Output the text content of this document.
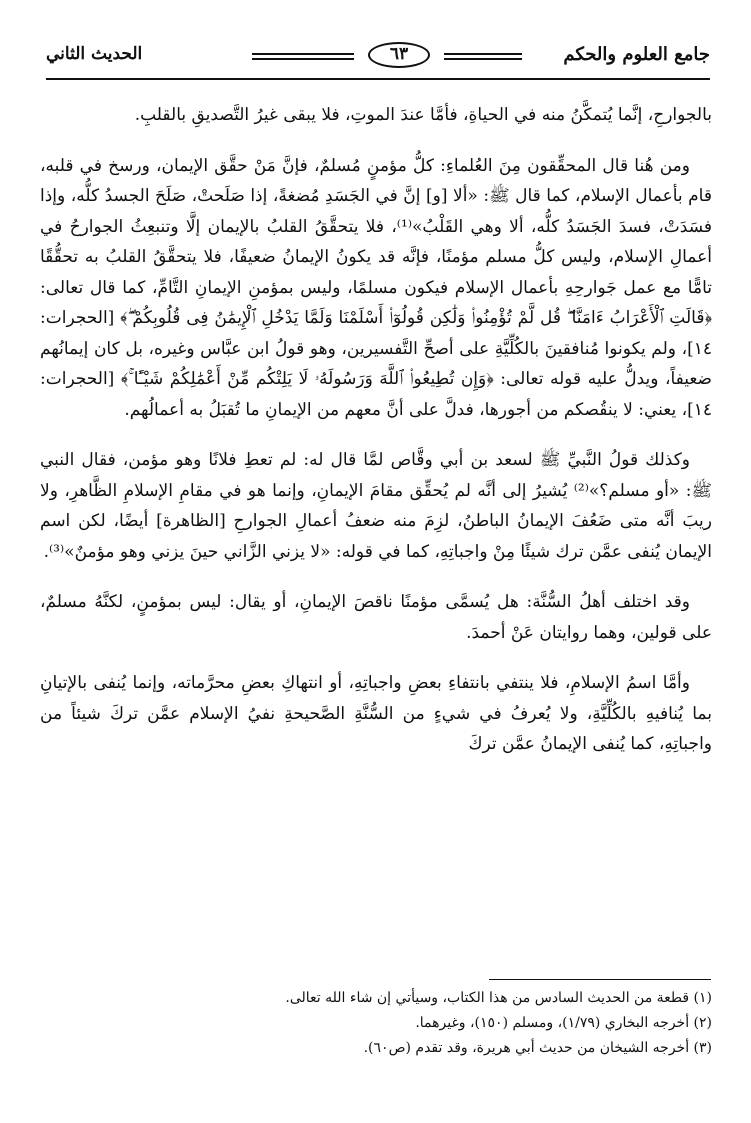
جامع العلوم والحكم
٦٣
الحديث الثاني

بالجوارحِ، إنَّما يُتمكَّنُ منه في الحياةِ، فأمَّا عندَ الموتِ، فلا يبقى غيرُ التَّصديقِ بالقلبِ.

ومن هُنا قال المحقِّقون مِنَ العُلماءِ: كلُّ مؤمنٍ مُسلمٌ، فإنَّ مَنْ حقَّق الإيمان، ورسخ في قلبه، قام بأعمال الإسلام، كما قال ﷺ: «ألا [و] إنَّ في الجَسَدِ مُضغةً، إذا صَلَحتْ، صَلَحَ الجسدُ كلُّه، وإذا فسَدَتْ، فسدَ الجَسَدُ كلُّه، ألا وهي القَلْبُ»⁽¹⁾، فلا يتحقَّقُ القلبُ بالإيمان إلَّا وتنبعِثُ الجوارحُ في أعمالِ الإسلام، وليس كلُّ مسلم مؤمنًا، فإنَّه قد يكونُ الإيمانُ ضعيفًا، فلا يتحقَّقُ القلبُ به تحقُّقًا تامًّا مع عمل جَوارحِهِ بأعمال الإسلام فيكون مسلمًا، وليس بمؤمنِ الإيمانِ التَّامِّ، كما قال تعالى: ﴿قَالَتِ ٱلْأَعْرَابُ ءَامَنَّا ۖ قُل لَّمْ تُؤْمِنُوا۟ وَلَٰكِن قُولُوٓا۟ أَسْلَمْنَا وَلَمَّا يَدْخُلِ ٱلْإِيمَٰنُ فِى قُلُوبِكُمْ ۖ﴾ [الحجرات: ١٤]، ولم يكونوا مُنافقينَ بالكُلِّيَّةِ على أصحِّ التَّفسيرين، وهو قولُ ابن عبَّاس وغيره، بل كان إيمانُهم ضعيفاً، ويدلُّ عليه قوله تعالى: ﴿وَإِن تُطِيعُوا۟ ٱللَّهَ وَرَسُولَهُۥ لَا يَلِتْكُم مِّنْ أَعْمَٰلِكُمْ شَيْـًٔا ۚ﴾ [الحجرات: ١٤]، يعني: لا ينقُصكم من أجورها، فدلَّ على أنَّ معهم من الإيمانِ ما تُقبَلُ به أعمالُهم.

وكذلك قولُ النَّبيِّ ﷺ لسعد بن أبي وقَّاص لمَّا قال له: لم تعطِ فلانًا وهو مؤمن، فقال النبي ﷺ: «أو مسلم؟»⁽²⁾ يُشيرُ إلى أنَّه لم يُحقِّق مقامَ الإيمانِ، وإنما هو في مقامِ الإسلامِ الظَّاهرِ، ولا ريبَ أنَّه متى ضَعُفَ الإيمانُ الباطنُ، لزِمَ منه ضعفُ أعمالِ الجوارحِ [الظاهرة] أيضًا، لكن اسم الإيمان يُنفى عمَّن ترك شيئًا مِنْ واجباتِهِ، كما في قوله: «لا يزني الزَّاني حينَ يزني وهو مؤمنٌ»⁽³⁾.

وقد اختلف أهلُ السُّنَّة: هل يُسمَّى مؤمنًا ناقصَ الإيمانِ، أو يقال: ليس بمؤمنٍ، لكنَّهُ مسلمٌ، على قولين، وهما روايتان عَنْ أحمدَ.

وأمَّا اسمُ الإسلامِ، فلا ينتفي بانتفاءِ بعضِ واجباتِهِ، أو انتهاكِ بعضِ محرَّماته، وإنما يُنفى بالإتيانِ بما يُنافيهِ بالكُلِّيَّةِ، ولا يُعرفُ في شيءٍ من السُّنَّةِ الصَّحيحةِ نفيُ الإسلام عمَّن تركَ شيئاً من واجباتِهِ، كما يُنفى الإيمانُ عمَّن تركَ

(١) قطعة من الحديث السادس من هذا الكتاب، وسيأتي إن شاء الله تعالى.

(٢) أخرجه البخاري (١/٧٩)، ومسلم (١٥٠)، وغيرهما.

(٣) أخرجه الشيخان من حديث أبي هريرة، وقد تقدم (ص٦٠).
